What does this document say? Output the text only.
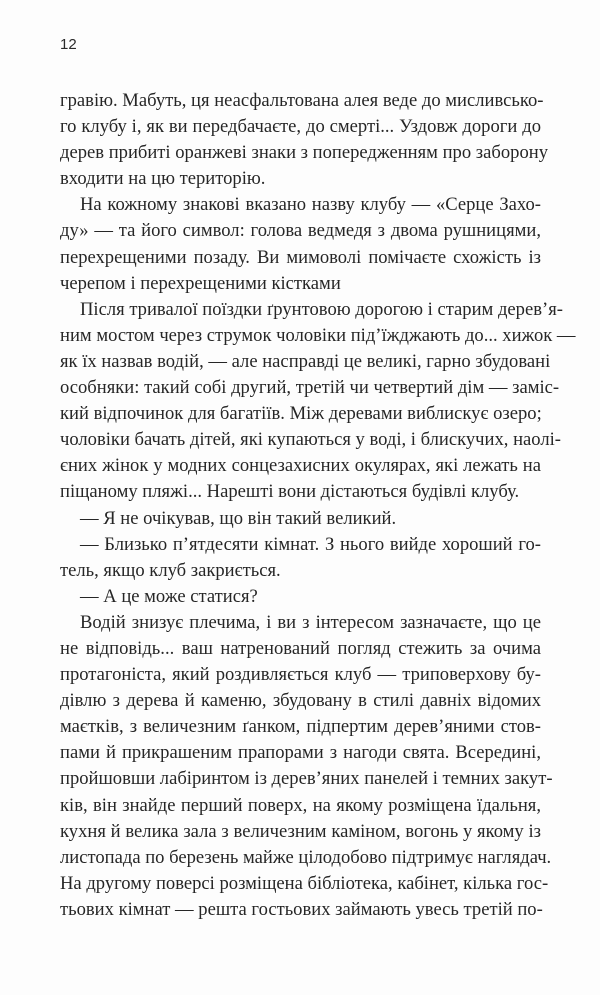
12
гравію. Мабуть, ця неасфальтована алея веде до мисливсько-
го клубу і, як ви передбачаєте, до смерті... Уздовж дороги до
дерев прибиті оранжеві знаки з попередженням про заборону
входити на цю територію.
На кожному знакові вказано назву клубу — «Серце Захо-
ду» — та його символ: голова ведмедя з двома рушницями,
перехрещеними позаду. Ви мимоволі помічаєте схожість із
черепом і перехрещеними кістками
Після тривалої поїздки ґрунтовою дорогою і старим дерев’я-
ним мостом через струмок чоловіки під’їжджають до... хижок —
як їх назвав водій, — але насправді це великі, гарно збудовані
особняки: такий собі другий, третій чи четвертий дім — заміс-
кий відпочинок для багатіїв. Між деревами виблискує озеро;
чоловіки бачать дітей, які купаються у воді, і блискучих, наолі-
єних жінок у модних сонцезахисних окулярах, які лежать на
піщаному пляжі... Нарешті вони дістаються будівлі клубу.
— Я не очікував, що він такий великий.
— Близько п’ятдесяти кімнат. З нього вийде хороший го-
тель, якщо клуб закриється.
— А це може статися?
Водій знизує плечима, і ви з інтересом зазначаєте, що це
не відповідь... ваш натренований погляд стежить за очима
протагоніста, який роздивляється клуб — триповерхову бу-
дівлю з дерева й каменю, збудовану в стилі давніх відомих
маєтків, з величезним ґанком, підпертим дерев’яними стов-
пами й прикрашеним прапорами з нагоди свята. Всередині,
пройшовши лабіринтом із дерев’яних панелей і темних закут-
ків, він знайде перший поверх, на якому розміщена їдальня,
кухня й велика зала з величезним каміном, вогонь у якому із
листопада по березень майже цілодобово підтримує наглядач.
На другому поверсі розміщена бібліотека, кабінет, кілька гос-
тьових кімнат — решта гостьових займають увесь третій по-
